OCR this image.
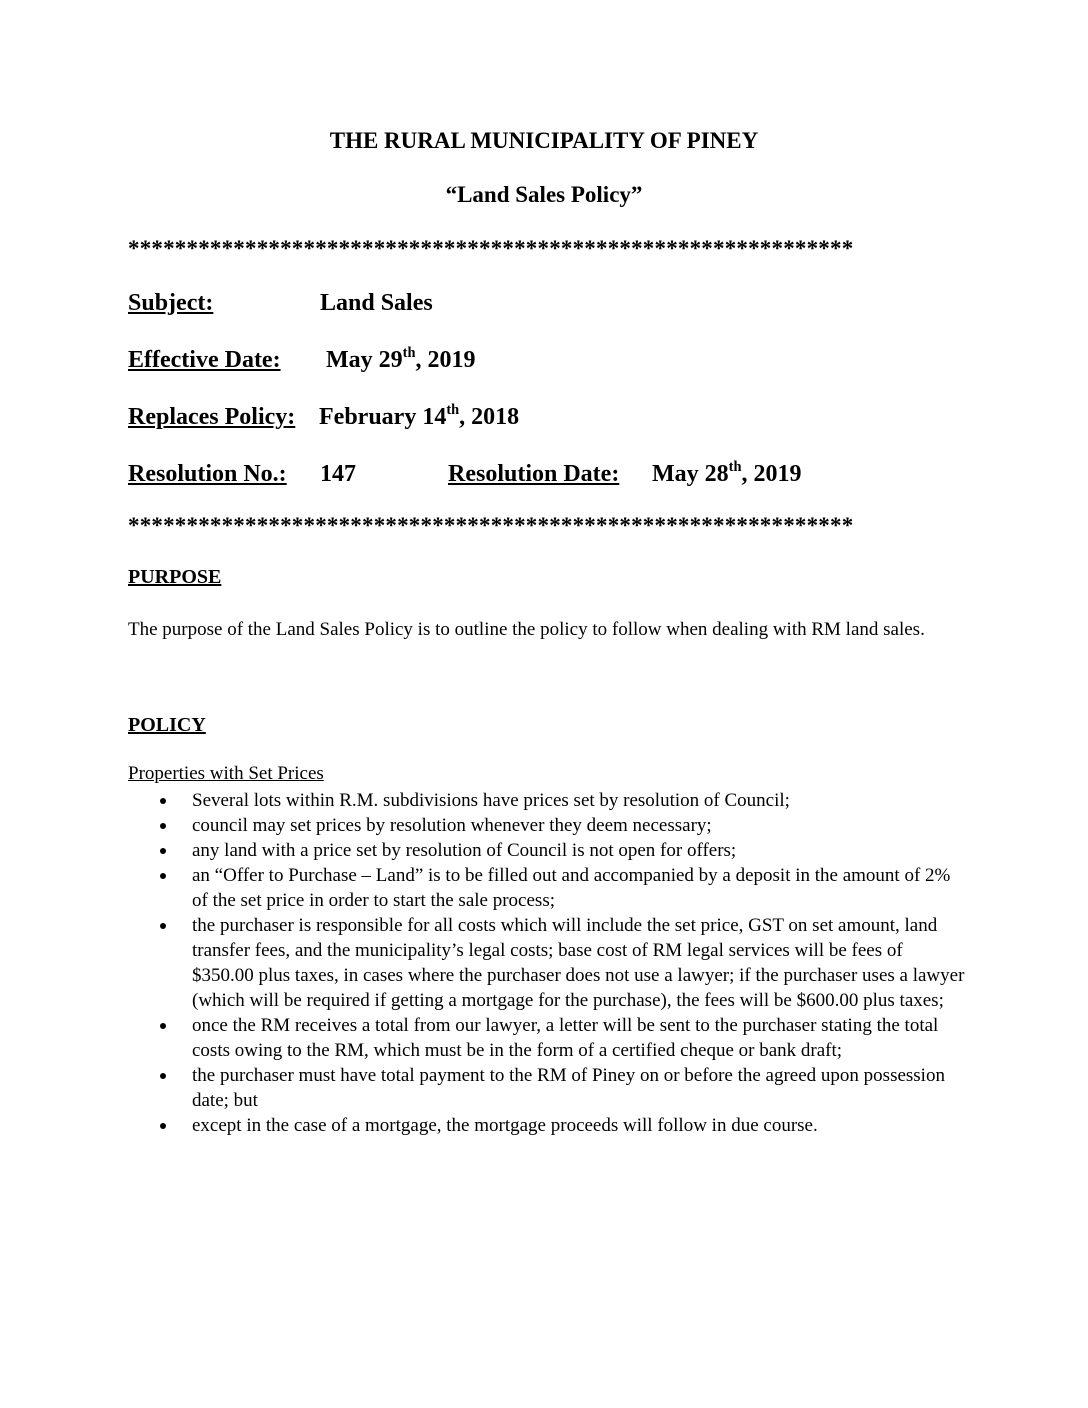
THE RURAL MUNICIPALITY OF PINEY
“Land Sales Policy”
**************************************************************
Subject:	Land Sales
Effective Date: May 29th, 2019
Replaces Policy: February 14th, 2018
Resolution No.: 147	Resolution Date: May 28th, 2019
**************************************************************
PURPOSE
The purpose of the Land Sales Policy is to outline the policy to follow when dealing with RM land sales.
POLICY
Properties with Set Prices
Several lots within R.M. subdivisions have prices set by resolution of Council;
council may set prices by resolution whenever they deem necessary;
any land with a price set by resolution of Council is not open for offers;
an “Offer to Purchase – Land” is to be filled out and accompanied by a deposit in the amount of 2% of the set price in order to start the sale process;
the purchaser is responsible for all costs which will include the set price, GST on set amount, land transfer fees, and the municipality’s legal costs; base cost of RM legal services will be fees of $350.00 plus taxes, in cases where the purchaser does not use a lawyer; if the purchaser uses a lawyer (which will be required if getting a mortgage for the purchase), the fees will be $600.00 plus taxes;
once the RM receives a total from our lawyer, a letter will be sent to the purchaser stating the total costs owing to the RM, which must be in the form of a certified cheque or bank draft;
the purchaser must have total payment to the RM of Piney on or before the agreed upon possession date; but
except in the case of a mortgage, the mortgage proceeds will follow in due course.
